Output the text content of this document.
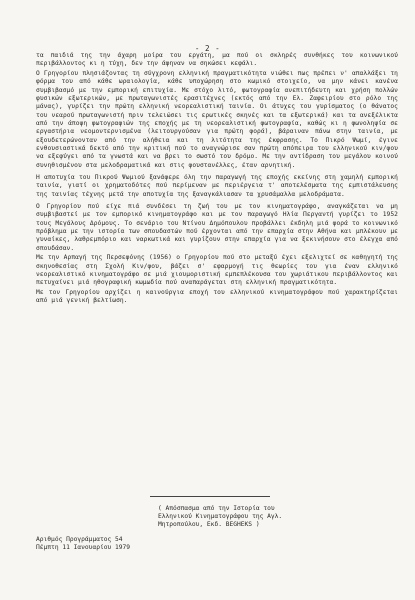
- 2 -

τα παιδιά της την άχαρη μοίρα του εργάτη, μα πού οι σκληρές συνθήκες του κοινωνικού περιβάλλοντος κι η τύχη, δεν την άφηναν να σηκώσει κεφάλι.

Ο Γρηγορίου πλησιάζοντας τη σύγχρονη ελληνική πραγματικότητα νιώθει πως πρέπει ν' απαλλάξει τη φόρμα του από κάθε ωραιολογία, κάθε υποχώρηση στο κωμικό στοιχείο, να μην κάνει κανένα συμβιβασμό με την εμπορική επιτυχία. Με στόχο λιτό, φωτογραφία ανεπιτήδευτη και χρήση πολλών φυσικών εξωτερικών, με πρωταγωνιστές ερασιτέχνες (εκτός από την Ελ. Ζαφειρίου στο ρόλο της μάνας), γυρίζει την πρώτη ελληνική νεορεαλιστική ταινία. Οι άτυχες του γυρίσματος (ο θάνατος του νεαρού πρωταγωνιστή πριν τελειώσει τις ερωτικές σκηνές και τα εξωτερικά) και τα ανεξέλικτα από την άποψη φωτογραφιών της εποχής με τη νεορεαλιστική φωτογραφία, καθώς κι η φωνοληψία σε εργαστήρια νεομοντερνισμένα (λειτουργούσαν για πρώτη φορά), βάραιναν πάνω στην ταινία, με εξουδετερώνονταν από την αλήθεια και τη λιτότητα της έκφρασης. Το Πικρό Ψωμί, έγινε ενθουσιαστικά δεκτό από την κριτική πού το αναγνώρισε σαν πρώτη απόπειρα του ελληνικού κιν/φου να εξεφύγει από τα γνωστά και να βρει το σωστό του δρόμο. Με την αντίδραση του μεγάλου κοινού συνηθισμένου στα μελοδραματικά και στις φουστανέλλες, έταν αρνητική.

Η αποτυχία του Πικρού Ψωμιού ξανάφερε όλη την παραγωγή της εποχής εκείνης στη χαμηλή εμπορική ταινία, γιατί οι χρηματοδότες πού περίμεναν με περιέργεια τ' αποτελέσματα της εμπιστάλευσης της ταινίας τέχνης μετά την αποτυχία της ξαναγκάλιασαν τα χρυσάμαλλα μελοδράματα.

Ο Γρηγορίου πού είχε πιά συνδέσει τη ζωή του με τον κινηματογράφο, αναγκάζεται να μη συμβιβαστεί με τον εμπορικό κινηματογράφο και με τον παραγωγό Ηλία Περγαντή γυρίζει το 1952 τους Μεγάλους Δρόμους. Το σενάριο του Ντίνου Δημόπουλου προβάλλει έκδηλη μιά φορά το κοινωνικό πρόβλημα με την ιστορία των σπουδαστών πού έρχονται από την επαρχία στην Αθήνα και μπλέκουν με γυναίκες, λαθρεμπόριο και ναρκωτικά και γυρίζουν στην επαρχία για να ξεκινήσουν στο έλεγχα από σπουδάσαν.

Με την Αρπαγή της Περσεφόνης (1956) ο Γρηγορίου πού στο μεταξύ έχει εξελιχτεί σε καθηγητή της σκηνοθεσίας στη Σχολή Κιν/φου, βάζει σ' εφαρμογή τις θεωρίες του για έναν ελληνικό νεορεαλιστικό κινηματογράφο σε μιά χιουμοριστική εμπεπλέκουσα του χωριάτικου περιβάλλοντος και πετυχαίνει μιά ηθογραφική κωμωδία πού αναπαράγεται στη ελληνική πραγματικότητα.

Με τον Γρηγορίου αρχίζει η καινούργια εποχή του ελληνικού κινηματογράφου πού χαρακτηρίζεται από μιά γενική βελτίωση.

( Απόσπασμα από την Ιστορία του
Ελληνικού Κινηματογράφου της Αγλ.
Μητροπούλου, Εκδ. BEGHEKS )
Αριθμός Προγράμματος 54
Πέμπτη 11 Ιανουαρίου 1979
